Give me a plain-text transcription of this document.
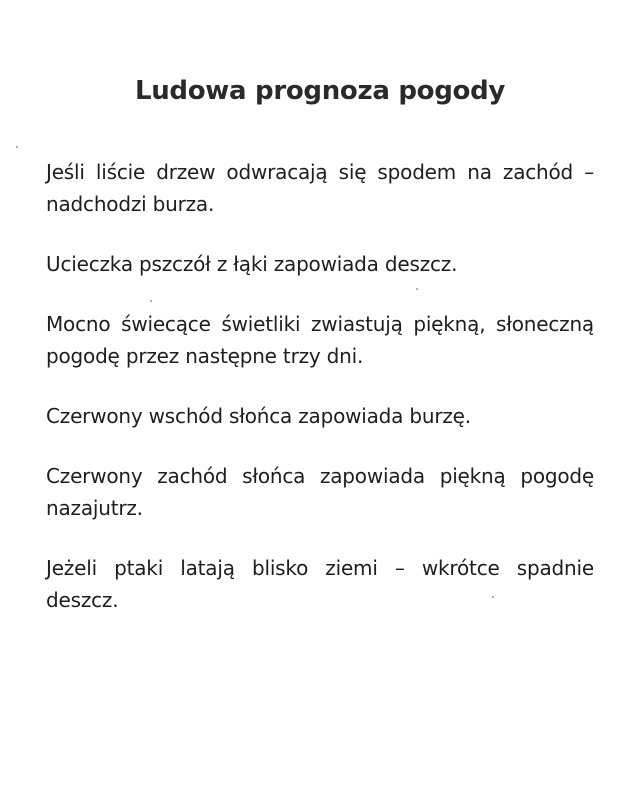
Ludowa prognoza pogody

Jeśli liście drzew odwracają się spodem na zachód – nadchodzi burza.

Ucieczka pszczół z łąki zapowiada deszcz.

Mocno świecące świetliki zwiastują piękną, słoneczną pogodę przez następne trzy dni.

Czerwony wschód słońca zapowiada burzę.

Czerwony zachód słońca zapowiada piękną pogodę nazajutrz.

Jeżeli ptaki latają blisko ziemi – wkrótce spadnie deszcz.
